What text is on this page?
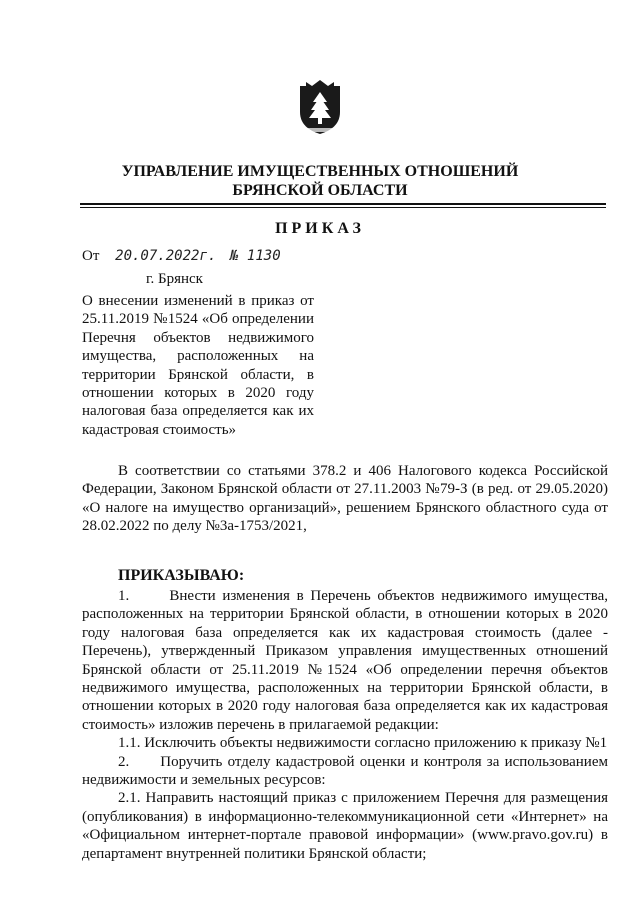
УПРАВЛЕНИЕ ИМУЩЕСТВЕННЫХ ОТНОШЕНИЙ
БРЯНСКОЙ ОБЛАСТИ
ПРИКАЗ
От 20.07.2022г. № 1130
г. Брянск
О внесении изменений в приказ от 25.11.2019 №1524 «Об определении Перечня объектов недвижимого имущества, расположенных на территории Брянской области, в отношении которых в 2020 году налоговая база определяется как их кадастровая стоимость»
В соответствии со статьями 378.2 и 406 Налогового кодекса Российской Федерации, Законом Брянской области от 27.11.2003 №79-З (в ред. от 29.05.2020) «О налоге на имущество организаций», решением Брянского областного суда от 28.02.2022 по делу №3а-1753/2021,
ПРИКАЗЫВАЮ:

1.      Внести изменения в Перечень объектов недвижимого имущества, расположенных на территории Брянской области, в отношении которых в 2020 году налоговая база определяется как их кадастровая стоимость (далее - Перечень), утвержденный Приказом управления имущественных отношений Брянской области от 25.11.2019 №1524 «Об определении перечня объектов недвижимого имущества, расположенных на территории Брянской области, в отношении которых в 2020 году налоговая база определяется как их кадастровая стоимость» изложив перечень в прилагаемой редакции:

1.1. Исключить объекты недвижимости согласно приложению к приказу №1

2.      Поручить отделу кадастровой оценки и контроля за использованием недвижимости и земельных ресурсов:

2.1. Направить настоящий приказ с приложением Перечня для размещения (опубликования) в информационно-телекоммуникационной сети «Интернет» на «Официальном интернет-портале правовой информации» (www.pravo.gov.ru) в департамент внутренней политики Брянской области;
